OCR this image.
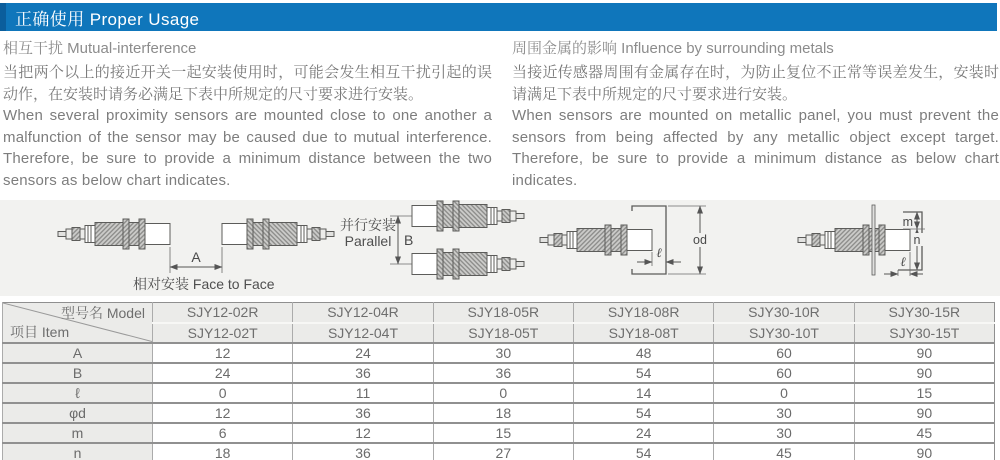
正确使用 Proper Usage
相互干扰 Mutual-interference

当把两个以上的接近开关一起安装使用时，可能会发生相互干扰引起的误动作，在安装时请务必满足下表中所规定的尺寸要求进行安装。

When several proximity sensors are mounted close to one another a malfunction of the sensor may be caused due to mutual interference. Therefore, be sure to provide a minimum distance between the two sensors as below chart indicates.

周围金属的影响 Influence by surrounding metals

当接近传感器周围有金属存在时，为防止复位不正常等误差发生，安装时请满足下表中所规定的尺寸要求进行安装。

When sensors are mounted on metallic panel, you must prevent the sensors from being affected by any metallic object except target. Therefore, be sure to provide a minimum distance as below chart indicates.

A
相对安装 Face to Face
并行安装
Parallel B	od
ℓ
m
n
ℓ
型号名 Model
项目 Item	SJY12-02R	SJY12-04R	SJY18-05R	SJY18-08R	SJY30-10R	SJY30-15R
	SJY12-02T	SJY12-04T	SJY18-05T	SJY18-08T	SJY30-10T	SJY30-15T
A	12	24	30	48	60	90
B	24	36	36	54	60	90
ℓ	0	11	0	14	0	15
φd	12	36	18	54	30	90
m	6	12	15	24	30	45
n	18	36	27	54	45	90
